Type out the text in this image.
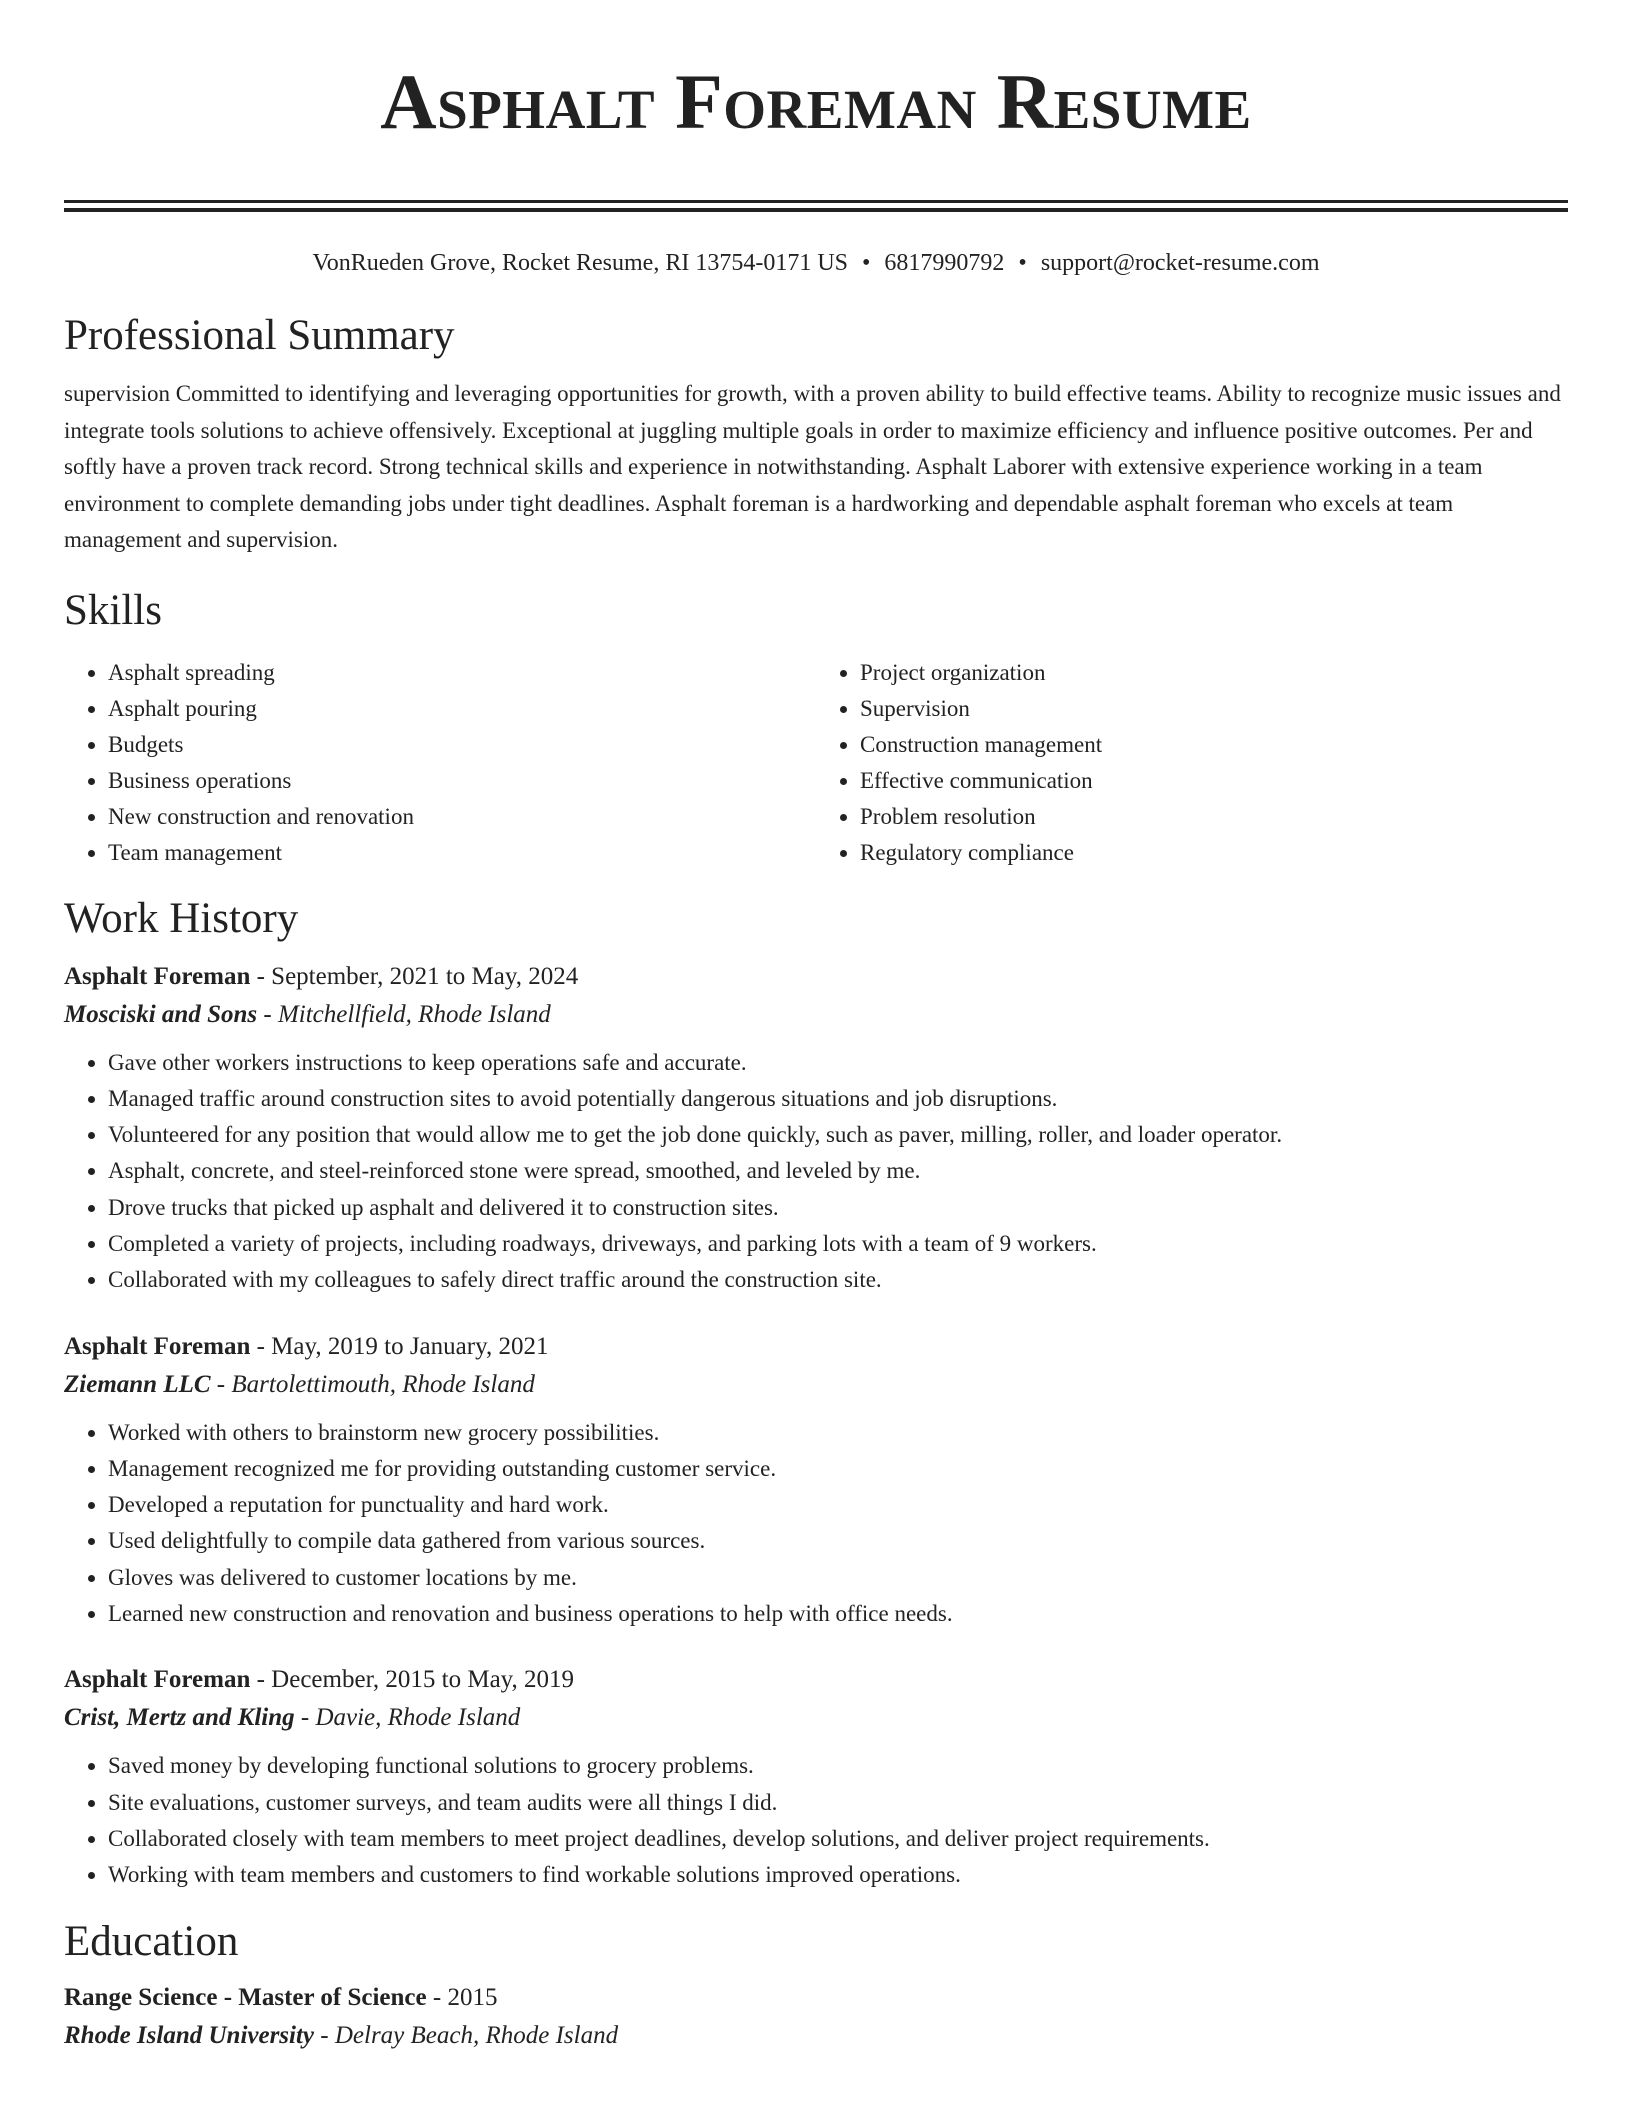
Asphalt Foreman Resume
VonRueden Grove, Rocket Resume, RI 13754-0171 US • 6817990792 • support@rocket-resume.com
Professional Summary

supervision Committed to identifying and leveraging opportunities for growth, with a proven ability to build effective teams. Ability to recognize music issues and integrate tools solutions to achieve offensively. Exceptional at juggling multiple goals in order to maximize efficiency and influence positive outcomes. Per and softly have a proven track record. Strong technical skills and experience in notwithstanding. Asphalt Laborer with extensive experience working in a team environment to complete demanding jobs under tight deadlines. Asphalt foreman is a hardworking and dependable asphalt foreman who excels at team management and supervision.

Skills
• Asphalt spreading
• Asphalt pouring
• Budgets
• Business operations
• New construction and renovation
• Team management
• Project organization
• Supervision
• Construction management
• Effective communication
• Problem resolution
• Regulatory compliance
Work History

Asphalt Foreman - September, 2021 to May, 2024

Mosciski and Sons - Mitchellfield, Rhode Island

• Gave other workers instructions to keep operations safe and accurate.
• Managed traffic around construction sites to avoid potentially dangerous situations and job disruptions.
• Volunteered for any position that would allow me to get the job done quickly, such as paver, milling, roller, and loader operator.
• Asphalt, concrete, and steel-reinforced stone were spread, smoothed, and leveled by me.
• Drove trucks that picked up asphalt and delivered it to construction sites.
• Completed a variety of projects, including roadways, driveways, and parking lots with a team of 9 workers.
• Collaborated with my colleagues to safely direct traffic around the construction site.

Asphalt Foreman - May, 2019 to January, 2021

Ziemann LLC - Bartolettimouth, Rhode Island

• Worked with others to brainstorm new grocery possibilities.
• Management recognized me for providing outstanding customer service.
• Developed a reputation for punctuality and hard work.
• Used delightfully to compile data gathered from various sources.
• Gloves was delivered to customer locations by me.
• Learned new construction and renovation and business operations to help with office needs.

Asphalt Foreman - December, 2015 to May, 2019

Crist, Mertz and Kling - Davie, Rhode Island

• Saved money by developing functional solutions to grocery problems.
• Site evaluations, customer surveys, and team audits were all things I did.
• Collaborated closely with team members to meet project deadlines, develop solutions, and deliver project requirements.
• Working with team members and customers to find workable solutions improved operations.
Education

Range Science - Master of Science - 2015

Rhode Island University - Delray Beach, Rhode Island
